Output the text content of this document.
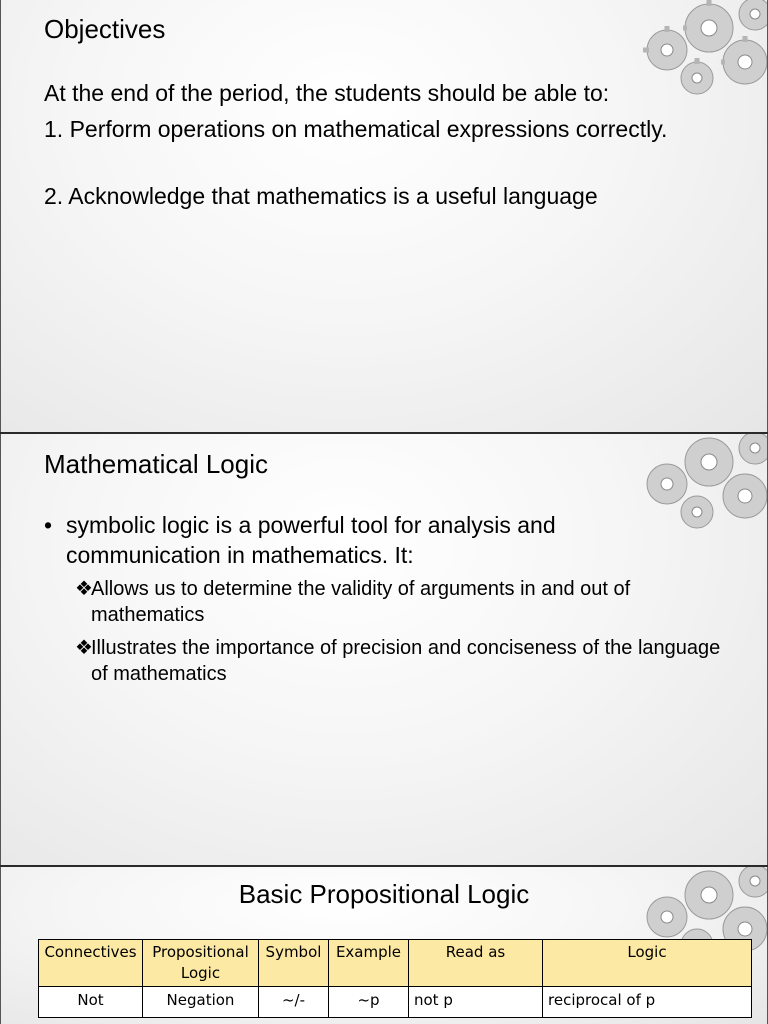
Objectives
At the end of the period, the students should be able to:
1. Perform operations on mathematical expressions correctly.
2. Acknowledge that mathematics is a useful language
Mathematical Logic
• symbolic logic is a powerful tool for analysis and communication in mathematics. It:
❖
Allows us to determine the validity of arguments in and out of mathematics
❖
Illustrates the importance of precision and conciseness of the language of mathematics
Basic Propositional Logic
Connectives	Propositional Logic	Symbol	Example	Read as	Logic
Not	Negation	~/-	~p	not p	reciprocal of p
